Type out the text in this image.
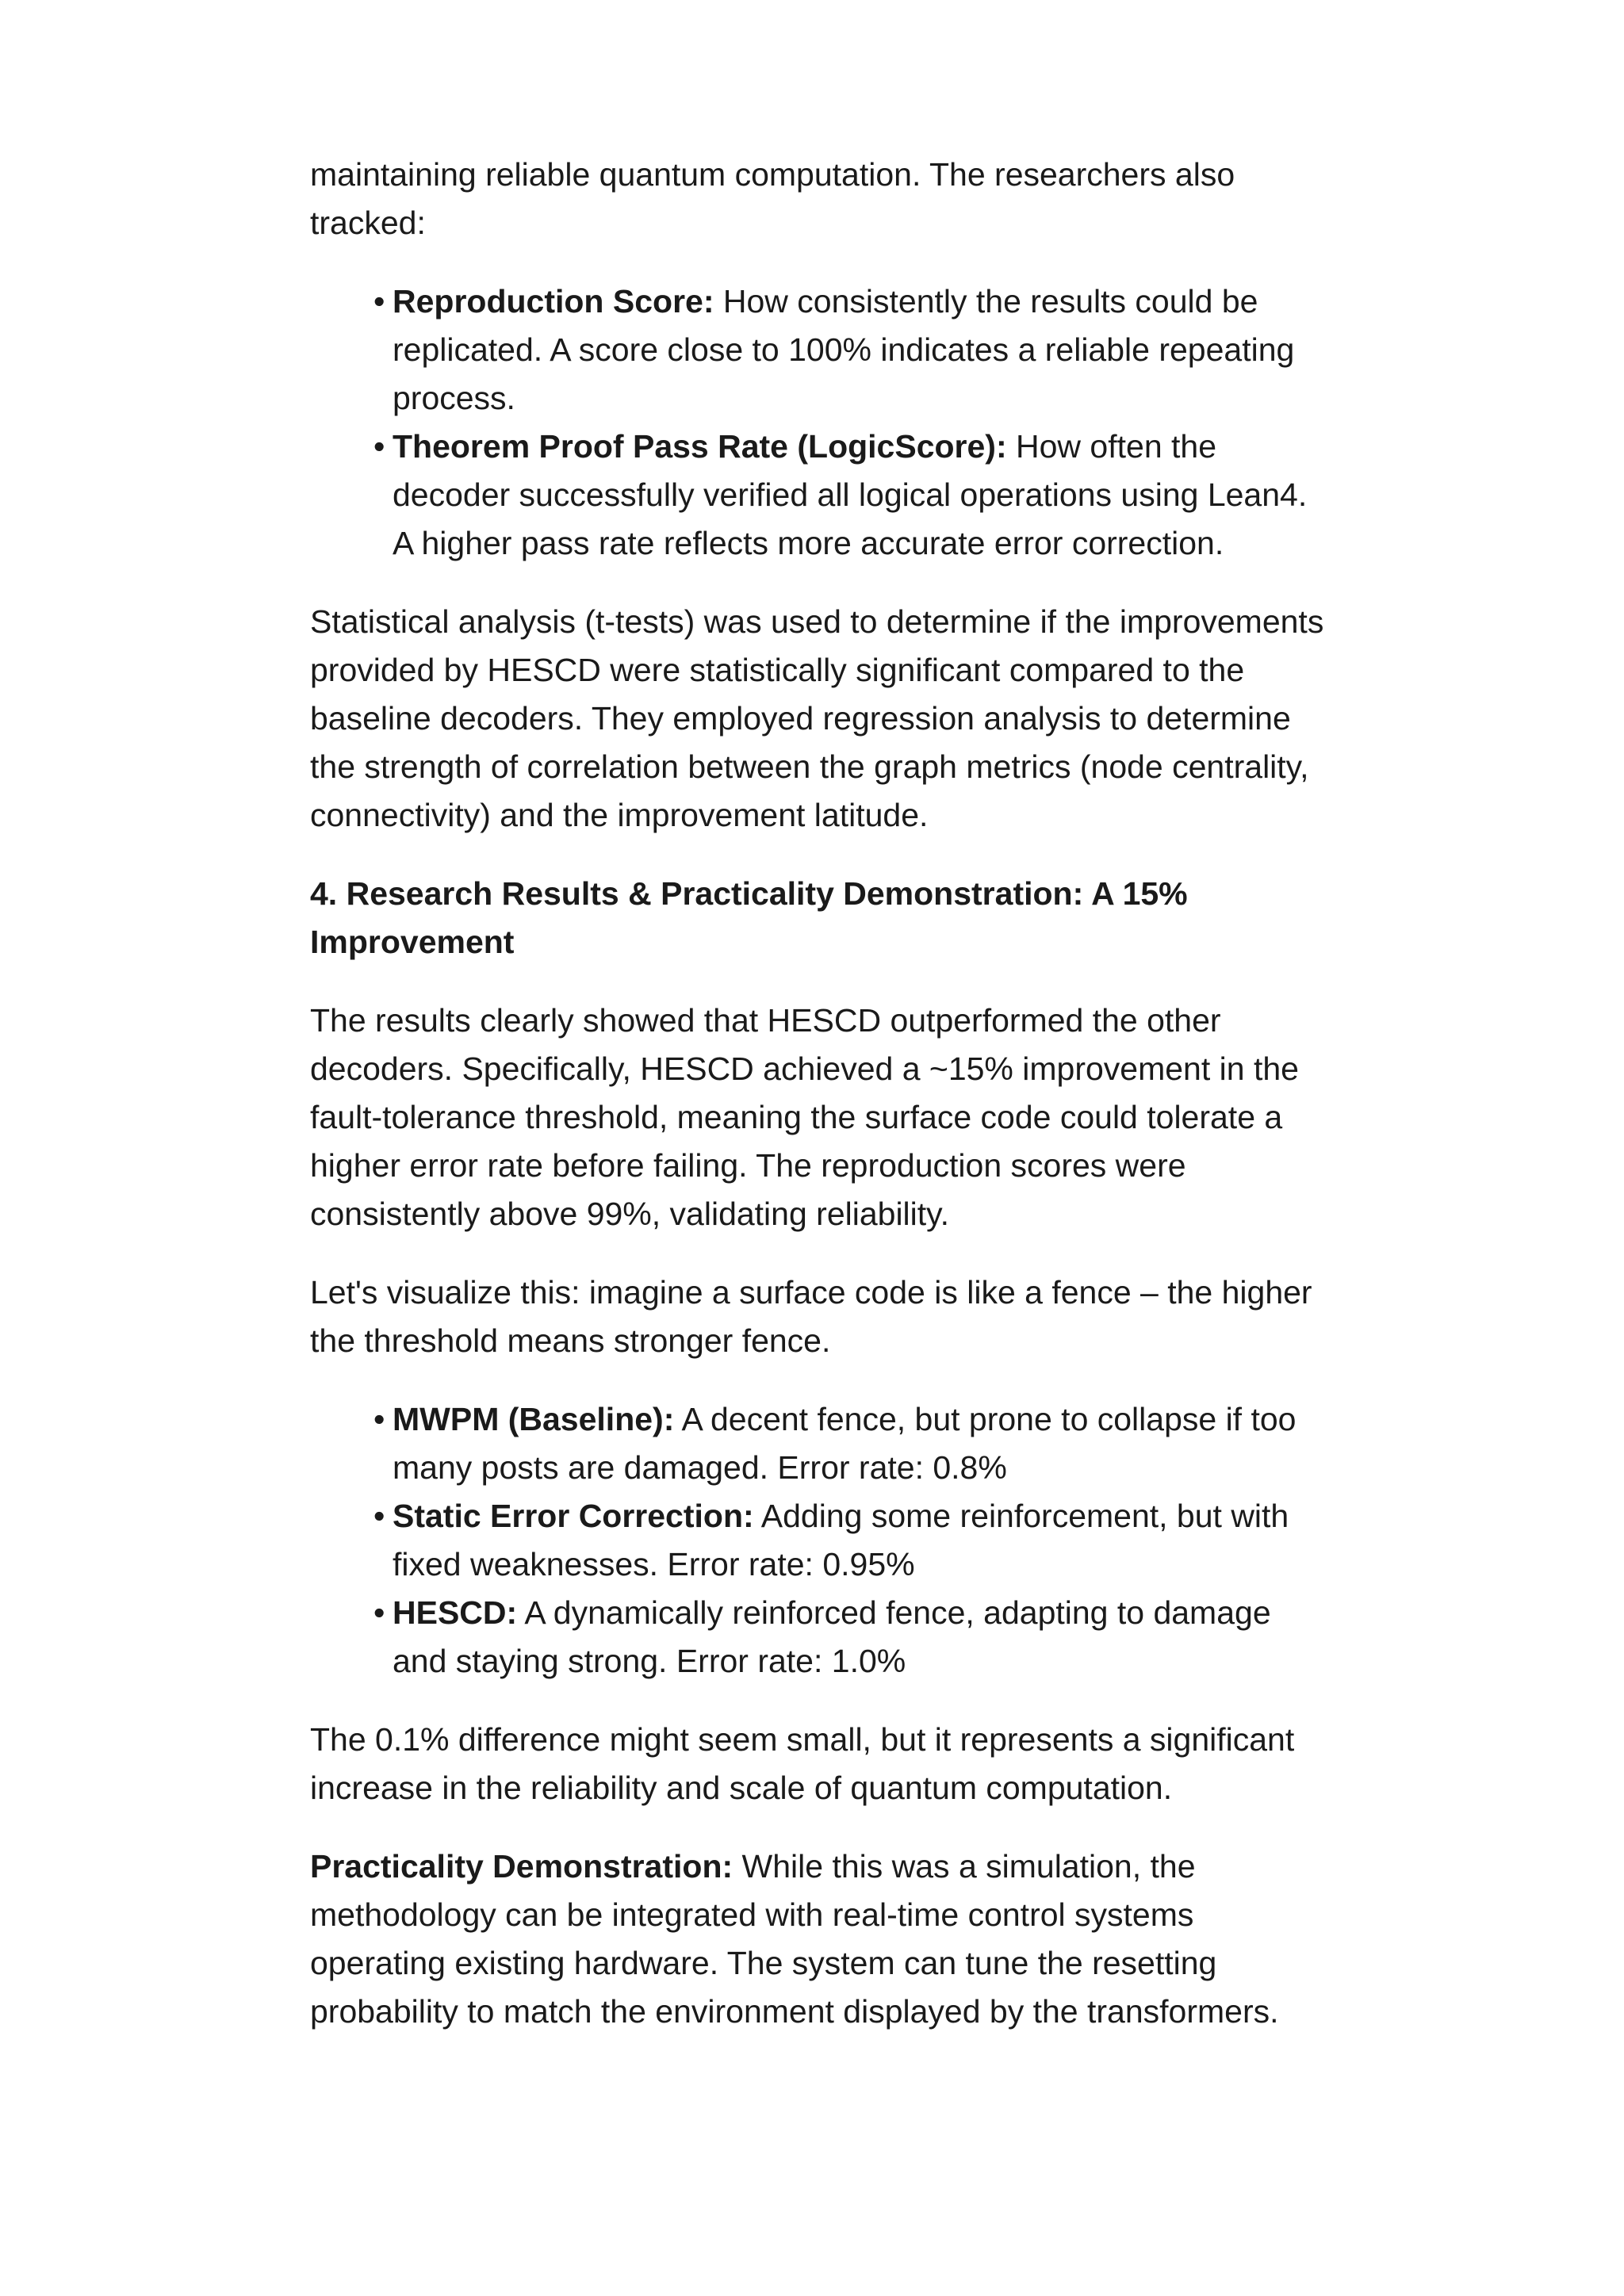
maintaining reliable quantum computation. The researchers also tracked:

• Reproduction Score: How consistently the results could be replicated. A score close to 100% indicates a reliable repeating process.
• Theorem Proof Pass Rate (LogicScore): How often the decoder successfully verified all logical operations using Lean4. A higher pass rate reflects more accurate error correction.

Statistical analysis (t-tests) was used to determine if the improvements provided by HESCD were statistically significant compared to the baseline decoders. They employed regression analysis to determine the strength of correlation between the graph metrics (node centrality, connectivity) and the improvement latitude.

4. Research Results & Practicality Demonstration: A 15% Improvement

The results clearly showed that HESCD outperformed the other decoders. Specifically, HESCD achieved a ~15% improvement in the fault-tolerance threshold, meaning the surface code could tolerate a higher error rate before failing. The reproduction scores were consistently above 99%, validating reliability.

Let's visualize this: imagine a surface code is like a fence – the higher the threshold means stronger fence.

• MWPM (Baseline): A decent fence, but prone to collapse if too many posts are damaged. Error rate: 0.8%
• Static Error Correction: Adding some reinforcement, but with fixed weaknesses. Error rate: 0.95%
• HESCD: A dynamically reinforced fence, adapting to damage and staying strong. Error rate: 1.0%

The 0.1% difference might seem small, but it represents a significant increase in the reliability and scale of quantum computation.

Practicality Demonstration: While this was a simulation, the methodology can be integrated with real-time control systems operating existing hardware. The system can tune the resetting probability to match the environment displayed by the transformers.
